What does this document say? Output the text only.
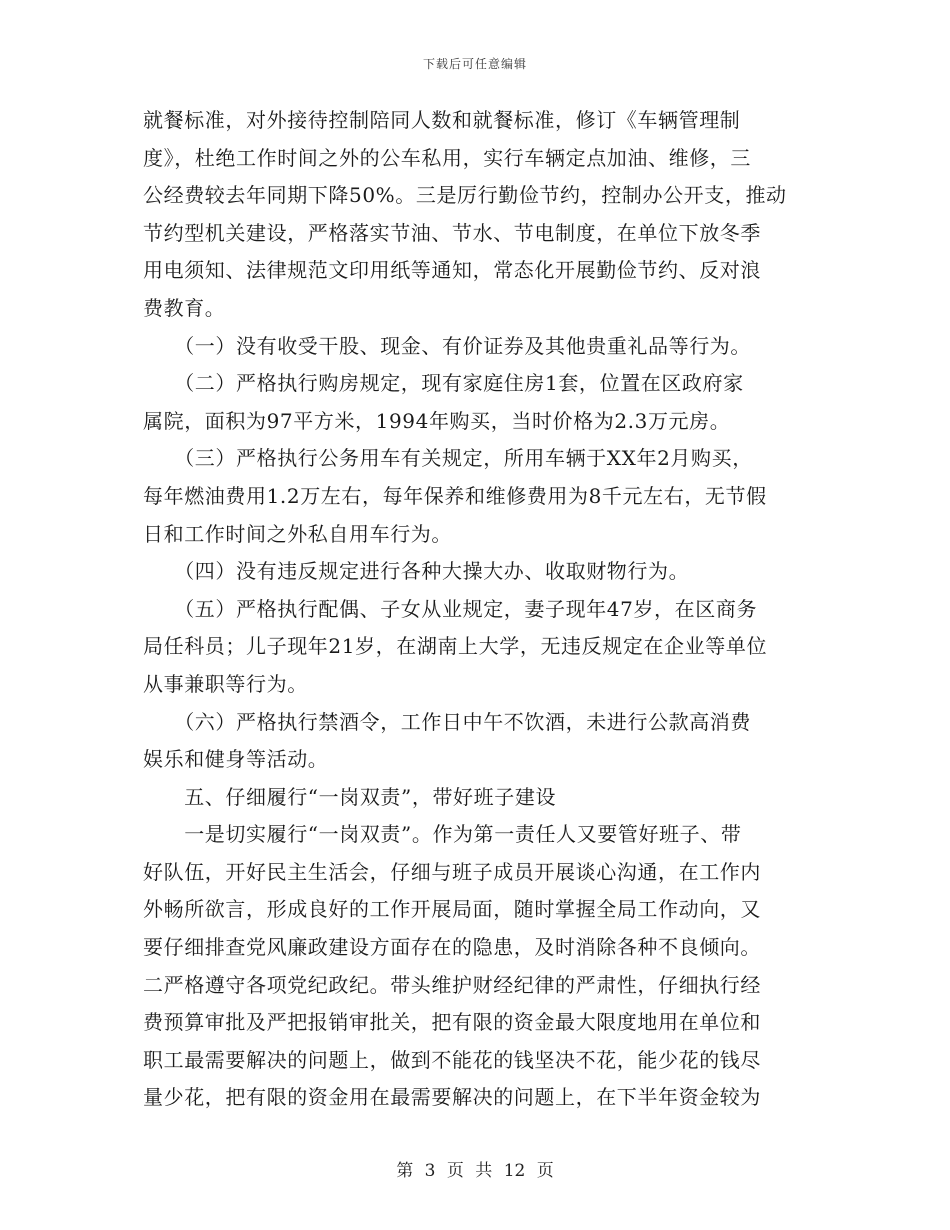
下载后可任意编辑
就餐标准，对外接待控制陪同人数和就餐标准，修订《车辆管理制
度》，杜绝工作时间之外的公车私用，实行车辆定点加油、维修，三
公经费较去年同期下降50%。三是厉行勤俭节约，控制办公开支，推动
节约型机关建设，严格落实节油、节水、节电制度，在单位下放冬季
用电须知、法律规范文印用纸等通知，常态化开展勤俭节约、反对浪
费教育。
　　（一）没有收受干股、现金、有价证券及其他贵重礼品等行为。
　　（二）严格执行购房规定，现有家庭住房1套，位置在区政府家
属院，面积为97平方米，1994年购买，当时价格为2.3万元房。
　　（三）严格执行公务用车有关规定，所用车辆于XX年2月购买，
每年燃油费用1.2万左右，每年保养和维修费用为8千元左右，无节假
日和工作时间之外私自用车行为。
　　（四）没有违反规定进行各种大操大办、收取财物行为。
　　（五）严格执行配偶、子女从业规定，妻子现年47岁，在区商务
局任科员；儿子现年21岁，在湖南上大学，无违反规定在企业等单位
从事兼职等行为。
　　（六）严格执行禁酒令，工作日中午不饮酒，未进行公款高消费
娱乐和健身等活动。
　　五、仔细履行“一岗双责”，带好班子建设
　　一是切实履行“一岗双责”。作为第一责任人又要管好班子、带
好队伍，开好民主生活会，仔细与班子成员开展谈心沟通，在工作内
外畅所欲言，形成良好的工作开展局面，随时掌握全局工作动向，又
要仔细排查党风廉政建设方面存在的隐患，及时消除各种不良倾向。
二严格遵守各项党纪政纪。带头维护财经纪律的严肃性，仔细执行经
费预算审批及严把报销审批关，把有限的资金最大限度地用在单位和
职工最需要解决的问题上，做到不能花的钱坚决不花，能少花的钱尽
量少花，把有限的资金用在最需要解决的问题上，在下半年资金较为
第 3 页 共 12 页
